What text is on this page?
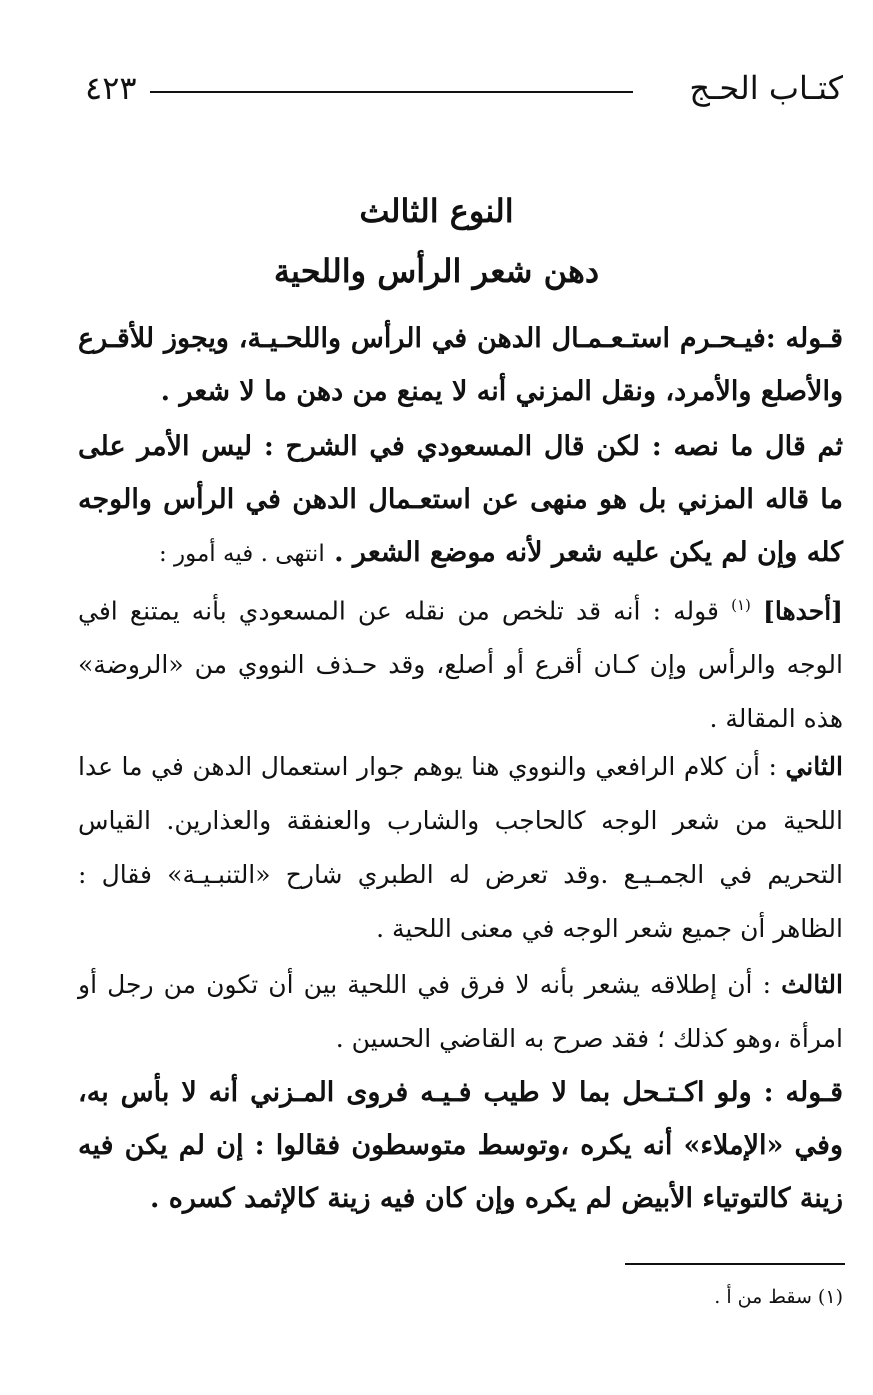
كتـاب الحـج
٤٢٣
النوع الثالث
دهن شعر الرأس واللحية
قـوله :فيـحـرم استـعـمـال الدهن في الرأس واللحـيـة، ويجوز للأقـرع والأصلع والأمرد، ونقل المزني أنه لا يمنع من دهن ما لا شعر .
ثم قال ما نصه : لكن قال المسعودي في الشرح : ليس الأمر على ما قاله المزني بل هو منهى عن استعـمال الدهن في الرأس والوجه كله وإن لم يكن عليه شعر لأنه موضع الشعر . انتهى . فيه أمور :
[أحدها] $^{(١)}$ قوله : أنه قد تلخص من نقله عن المسعودي بأنه يمتنع افي الوجه والرأس وإن كـان أقرع أو أصلع، وقد حـذف النووي من «الروضة» هذه المقالة .
الثاني : أن كلام الرافعي والنووي هنا يوهم جوار استعمال الدهن في ما عدا اللحية من شعر الوجه كالحاجب والشارب والعنفقة والعذارين. القياس التحريم في الجمـيـع .وقد تعرض له الطبري شارح «التنبـيـة» فقال : الظاهر أن جميع شعر الوجه في معنى اللحية .
الثالث : أن إطلاقه يشعر بأنه لا فرق في اللحية بين أن تكون من رجل أو امرأة ،وهو كذلك ؛ فقد صرح به القاضي الحسين .
قـوله : ولو اكـتـحل بما لا طيب فـيـه فروى المـزني أنه لا بأس به، وفي «الإملاء» أنه يكره ،وتوسط متوسطون فقالوا : إن لم يكن فيه زينة كالتوتياء الأبيض لم يكره وإن كان فيه زينة كالإثمد كسره .
(١) سقط من أ .
